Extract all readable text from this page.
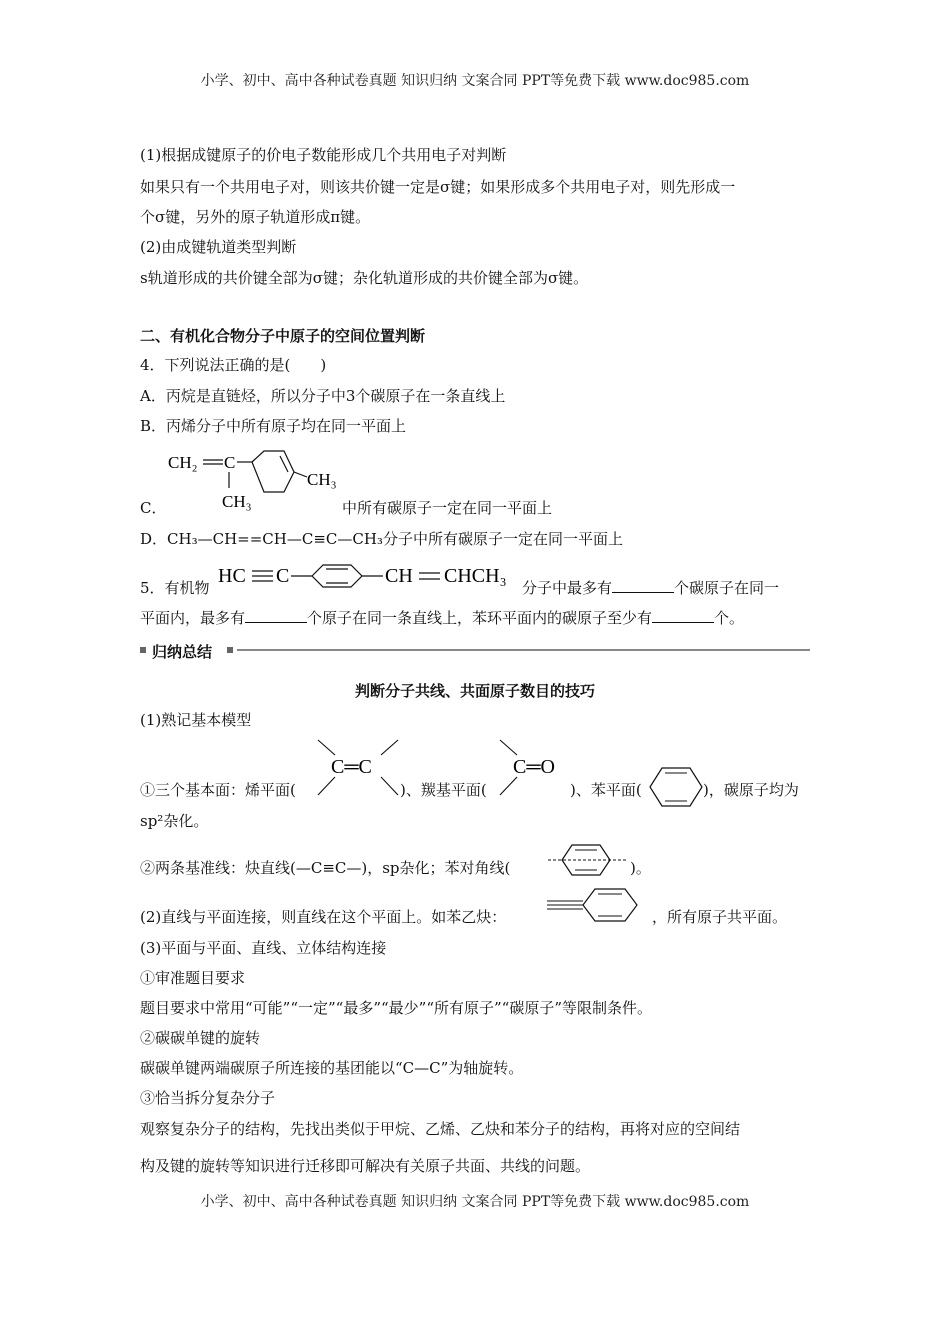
小学、初中、高中各种试卷真题 知识归纳 文案合同 PPT等免费下载 www.doc985.com
(1)根据成键原子的价电子数能形成几个共用电子对判断
如果只有一个共用电子对，则该共价键一定是σ键；如果形成多个共用电子对，则先形成一
个σ键，另外的原子轨道形成π键。
(2)由成键轨道类型判断
s轨道形成的共价键全部为σ键；杂化轨道形成的共价键全部为σ键。
二、有机化合物分子中原子的空间位置判断
4．下列说法正确的是(　　)
A．丙烷是直链烃，所以分子中3个碳原子在一条直线上
B．丙烯分子中所有原子均在同一平面上
CH₂ C
CH₃
CH₃
C．	中所有碳原子一定在同一平面上
D．CH₃—CH==CH—C≡C—CH₃分子中所有碳原子一定在同一平面上
5．有机物
HC C	CH CHCH₃
分子中最多有	个碳原子在同一
平面内，最多有	个原子在同一条直线上，苯环平面内的碳原子至少有	个。
归纳总结
判断分子共线、共面原子数目的技巧
(1)熟记基本模型
①三个基本面：烯平面(
C═C
)、羰基平面(
C═O
)、苯平面(	)，碳原子均为
sp²杂化。
②两条基准线：炔直线(—C≡C—)，sp杂化；苯对角线(	)。
(2)直线与平面连接，则直线在这个平面上。如苯乙炔：	，所有原子共平面。
(3)平面与平面、直线、立体结构连接
①审准题目要求
题目要求中常用“可能”“一定”“最多”“最少”“所有原子”“碳原子”等限制条件。
②碳碳单键的旋转
碳碳单键两端碳原子所连接的基团能以“C—C”为轴旋转。
③恰当拆分复杂分子
观察复杂分子的结构，先找出类似于甲烷、乙烯、乙炔和苯分子的结构，再将对应的空间结
构及键的旋转等知识进行迁移即可解决有关原子共面、共线的问题。
小学、初中、高中各种试卷真题 知识归纳 文案合同 PPT等免费下载 www.doc985.com
